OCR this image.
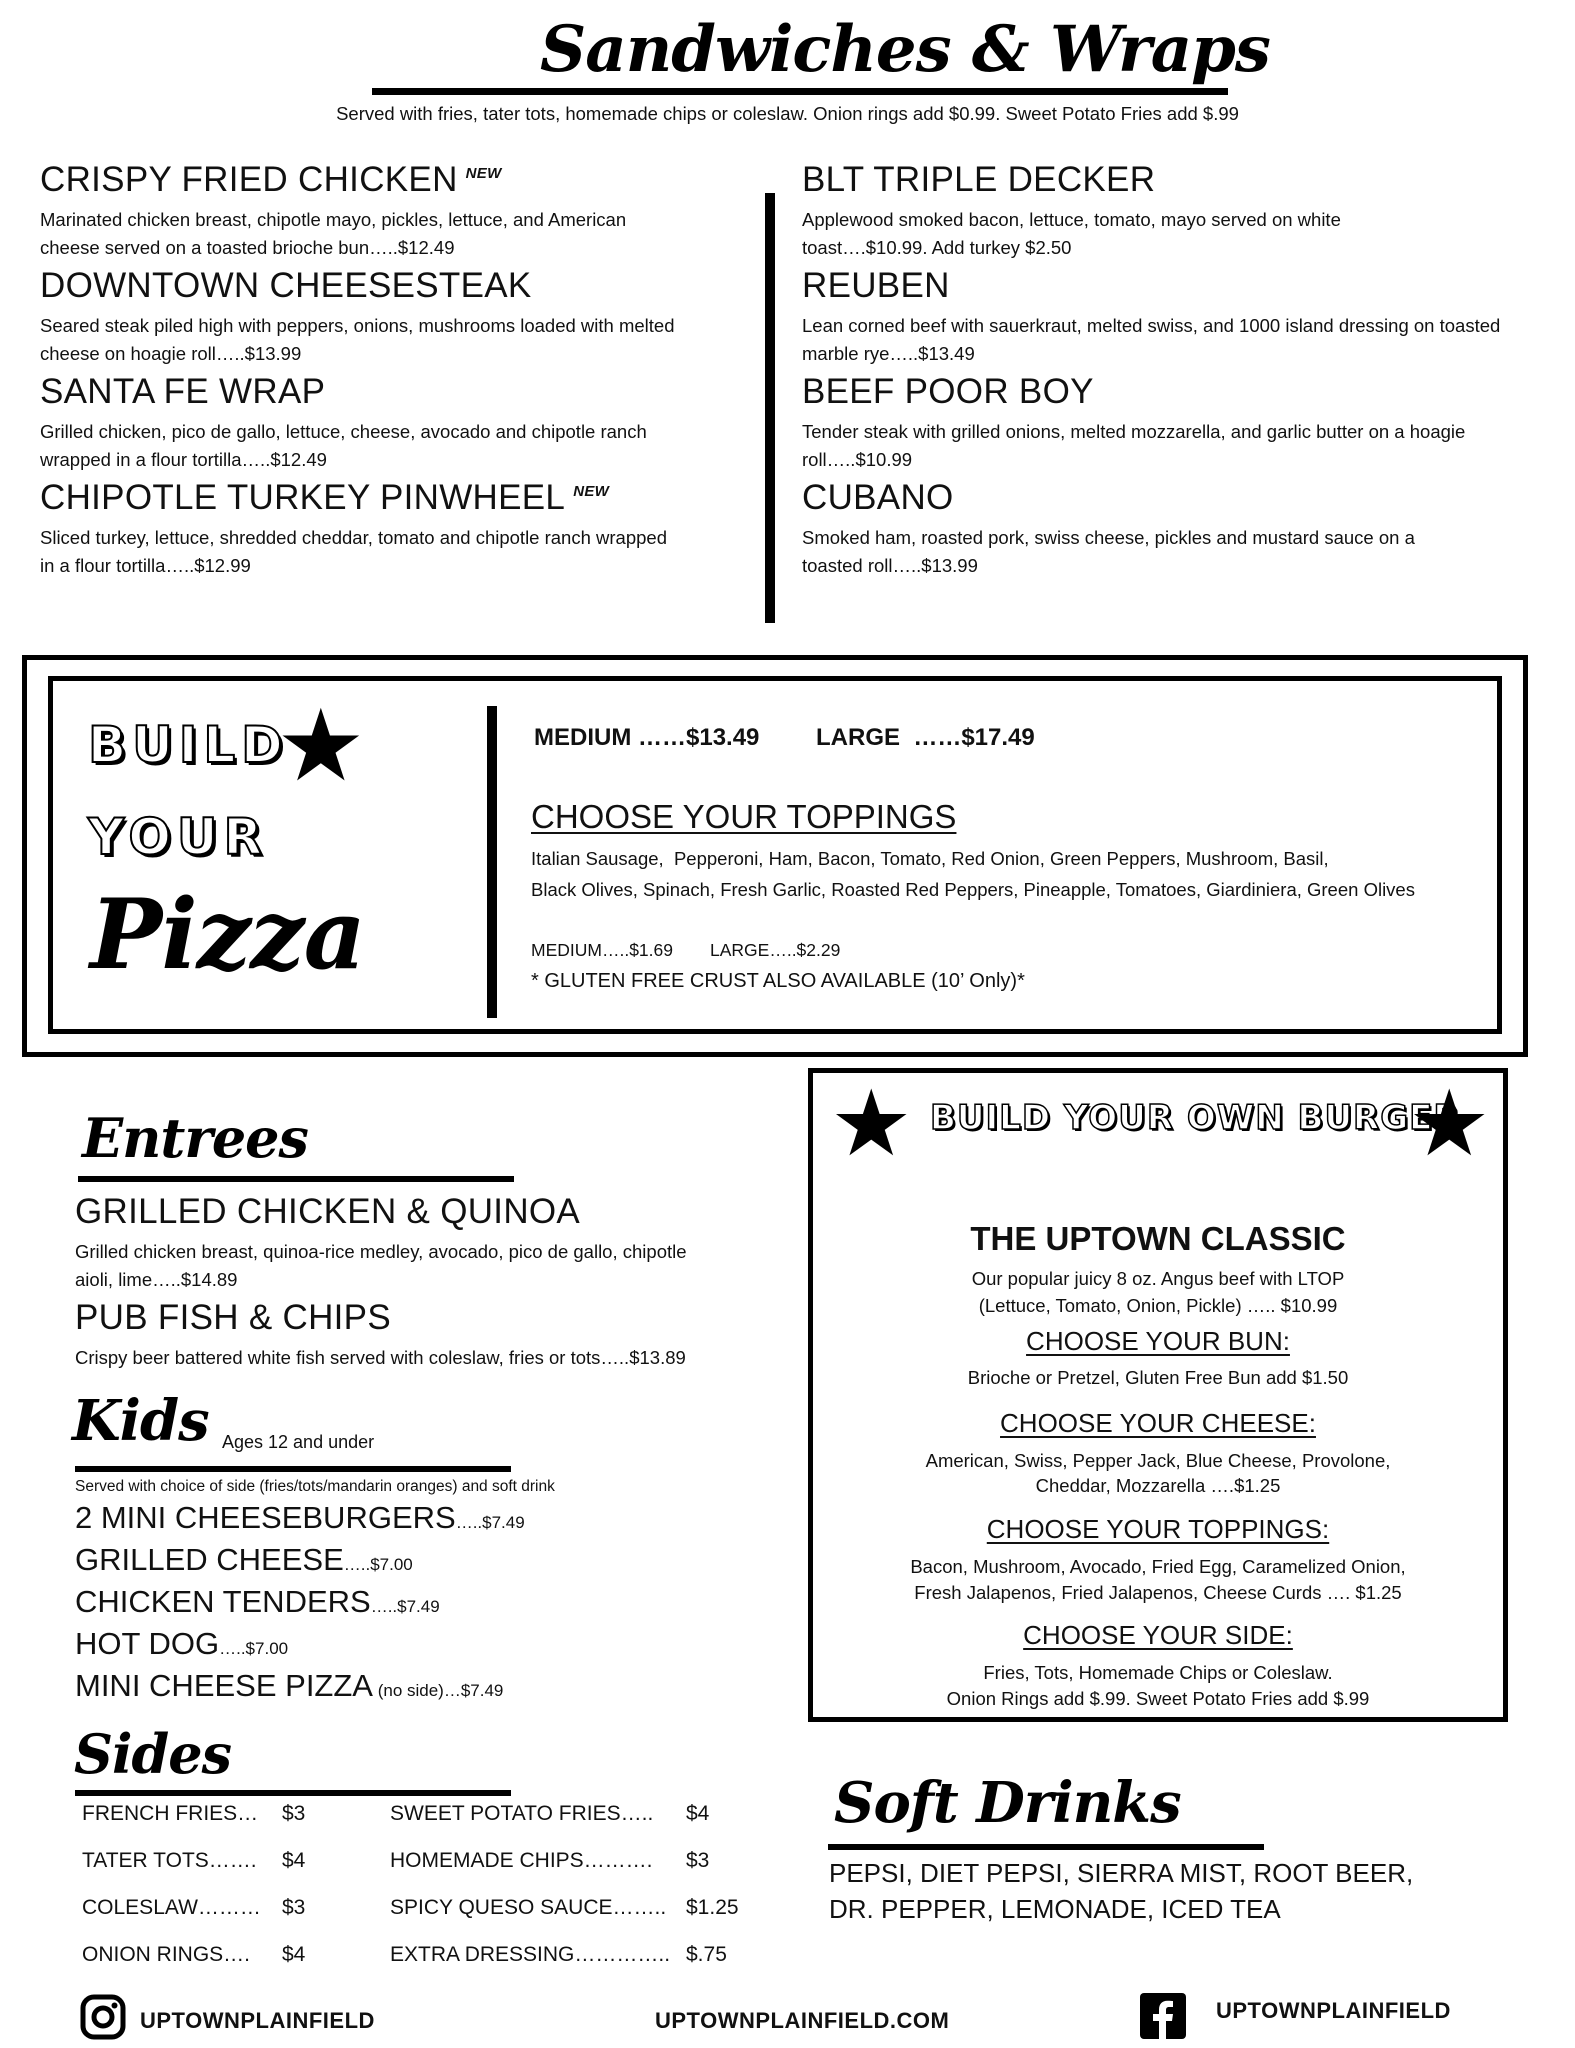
Sandwiches & Wraps
Served with fries, tater tots, homemade chips or coleslaw. Onion rings add $0.99. Sweet Potato Fries add $.99
CRISPY FRIED CHICKEN $^{NEW}$
Marinated chicken breast, chipotle mayo, pickles, lettuce, and American cheese served on a toasted brioche bun…..$12.49
DOWNTOWN CHEESESTEAK
Seared steak piled high with peppers, onions, mushrooms loaded with melted cheese on hoagie roll…..$13.99
SANTA FE WRAP
Grilled chicken, pico de gallo, lettuce, cheese, avocado and chipotle ranch wrapped in a flour tortilla…..$12.49
CHIPOTLE TURKEY PINWHEEL $^{NEW}$
Sliced turkey, lettuce, shredded cheddar, tomato and chipotle ranch wrapped in a flour tortilla…..$12.99
BLT TRIPLE DECKER
Applewood smoked bacon, lettuce, tomato, mayo served on white toast….$10.99. Add turkey $2.50
REUBEN
Lean corned beef with sauerkraut, melted swiss, and 1000 island dressing on toasted marble rye…..$13.49
BEEF POOR BOY
Tender steak with grilled onions, melted mozzarella, and garlic butter on a hoagie roll…..$10.99
CUBANO
Smoked ham, roasted pork, swiss cheese, pickles and mustard sauce on a toasted roll…..$13.99
BUILD
★
YOUR
Pizza
MEDIUM ……$13.49 LARGE  ……$17.49
CHOOSE YOUR TOPPINGS
Italian Sausage,  Pepperoni, Ham, Bacon, Tomato, Red Onion, Green Peppers, Mushroom, Basil,
Black Olives, Spinach, Fresh Garlic, Roasted Red Peppers, Pineapple, Tomatoes, Giardiniera, Green Olives
MEDIUM…..$1.69 LARGE…..$2.29
* GLUTEN FREE CRUST ALSO AVAILABLE (10’ Only)*
Entrees
GRILLED CHICKEN & QUINOA
Grilled chicken breast, quinoa-rice medley, avocado, pico de gallo, chipotle aioli, lime…..$14.89
PUB FISH & CHIPS
Crispy beer battered white fish served with coleslaw, fries or tots…..$13.89
Kids Ages 12 and under
Served with choice of side (fries/tots/mandarin oranges) and soft drink
2 MINI CHEESEBURGERS…..$7.49
GRILLED CHEESE…..$7.00
CHICKEN TENDERS…..$7.49
HOT DOG…..$7.00
MINI CHEESE PIZZA (no side)…$7.49
Sides
FRENCH FRIES… $3	SWEET POTATO FRIES….. $4
TATER TOTS……. $4	HOMEMADE CHIPS………. $3
COLESLAW……… $3	SPICY QUESO SAUCE…….. $1.25
ONION RINGS…. $4	EXTRA DRESSING………….. $.75
★ BUILD YOUR OWN BURGER
★
THE UPTOWN CLASSIC
Our popular juicy 8 oz. Angus beef with LTOP
(Lettuce, Tomato, Onion, Pickle) ….. $10.99
CHOOSE YOUR BUN:
Brioche or Pretzel, Gluten Free Bun add $1.50
CHOOSE YOUR CHEESE:
American, Swiss, Pepper Jack, Blue Cheese, Provolone,
Cheddar, Mozzarella ….$1.25
CHOOSE YOUR TOPPINGS:
Bacon, Mushroom, Avocado, Fried Egg, Caramelized Onion,
Fresh Jalapenos, Fried Jalapenos, Cheese Curds …. $1.25
CHOOSE YOUR SIDE:
Fries, Tots, Homemade Chips or Coleslaw.
Onion Rings add $.99. Sweet Potato Fries add $.99
Soft Drinks
PEPSI, DIET PEPSI, SIERRA MIST, ROOT BEER,
DR. PEPPER, LEMONADE, ICED TEA
UPTOWNPLAINFIELD	UPTOWNPLAINFIELD.COM	UPTOWNPLAINFIELD
